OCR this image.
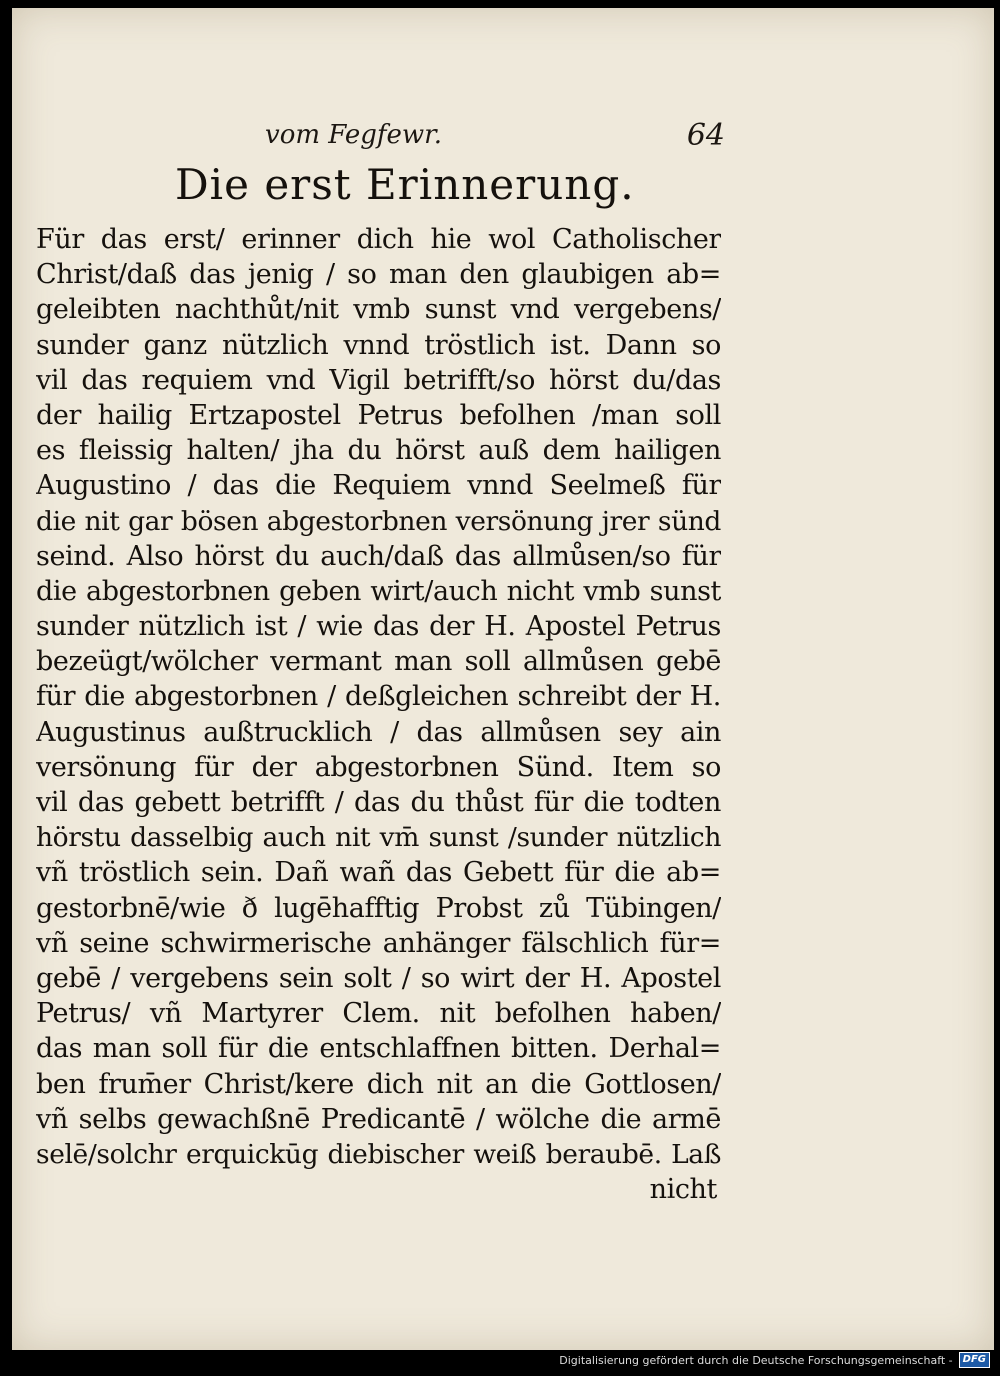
vom Fegfewr.	64
Die erst Erinnerung.
Für das erst/ erinner dich hie wol Catholischer
Christ/daß das jenig / so man den glaubigen ab=
geleibten nachthůt/nit vmb sunst vnd vergebens/
sunder ganz nützlich vnnd tröstlich ist. Dann so
vil das requiem vnd Vigil betrifft/so hörst du/das
der hailig Ertzapostel Petrus befolhen /man soll
es fleissig halten/ jha du hörst auß dem hailigen
Augustino / das die Requiem vnnd Seelmeß für
die nit gar bösen abgestorbnen versönung jrer sünd
seind. Also hörst du auch/daß das allmůsen/so für
die abgestorbnen geben wirt/auch nicht vmb sunst
sunder nützlich ist / wie das der H. Apostel Petrus
bezeügt/wölcher vermant man soll allmůsen gebē
für die abgestorbnen / deßgleichen schreibt der H.
Augustinus außtrucklich / das allmůsen sey ain
versönung für der abgestorbnen Sünd. Item so
vil das gebett betrifft / das du thůst für die todten
hörstu dasselbig auch nit vm̄ sunst /sunder nützlich
vñ tröstlich sein. Dañ wañ das Gebett für die ab=
gestorbnē/wie ð lugēhafftig Probst zů Tübingen/
vñ seine schwirmerische anhänger fälschlich für=
gebē / vergebens sein solt / so wirt der H. Apostel
Petrus/ vñ Martyrer Clem. nit befolhen haben/
das man soll für die entschlaffnen bitten. Derhal=
ben frum̄er Christ/kere dich nit an die Gottlosen/
vñ selbs gewachßnē Predicantē / wölche die armē
selē/solchr erquickūg diebischer weiß beraubē. Laß
nicht
Digitalisierung gefördert durch die Deutsche Forschungsgemeinschaft -	DFG
